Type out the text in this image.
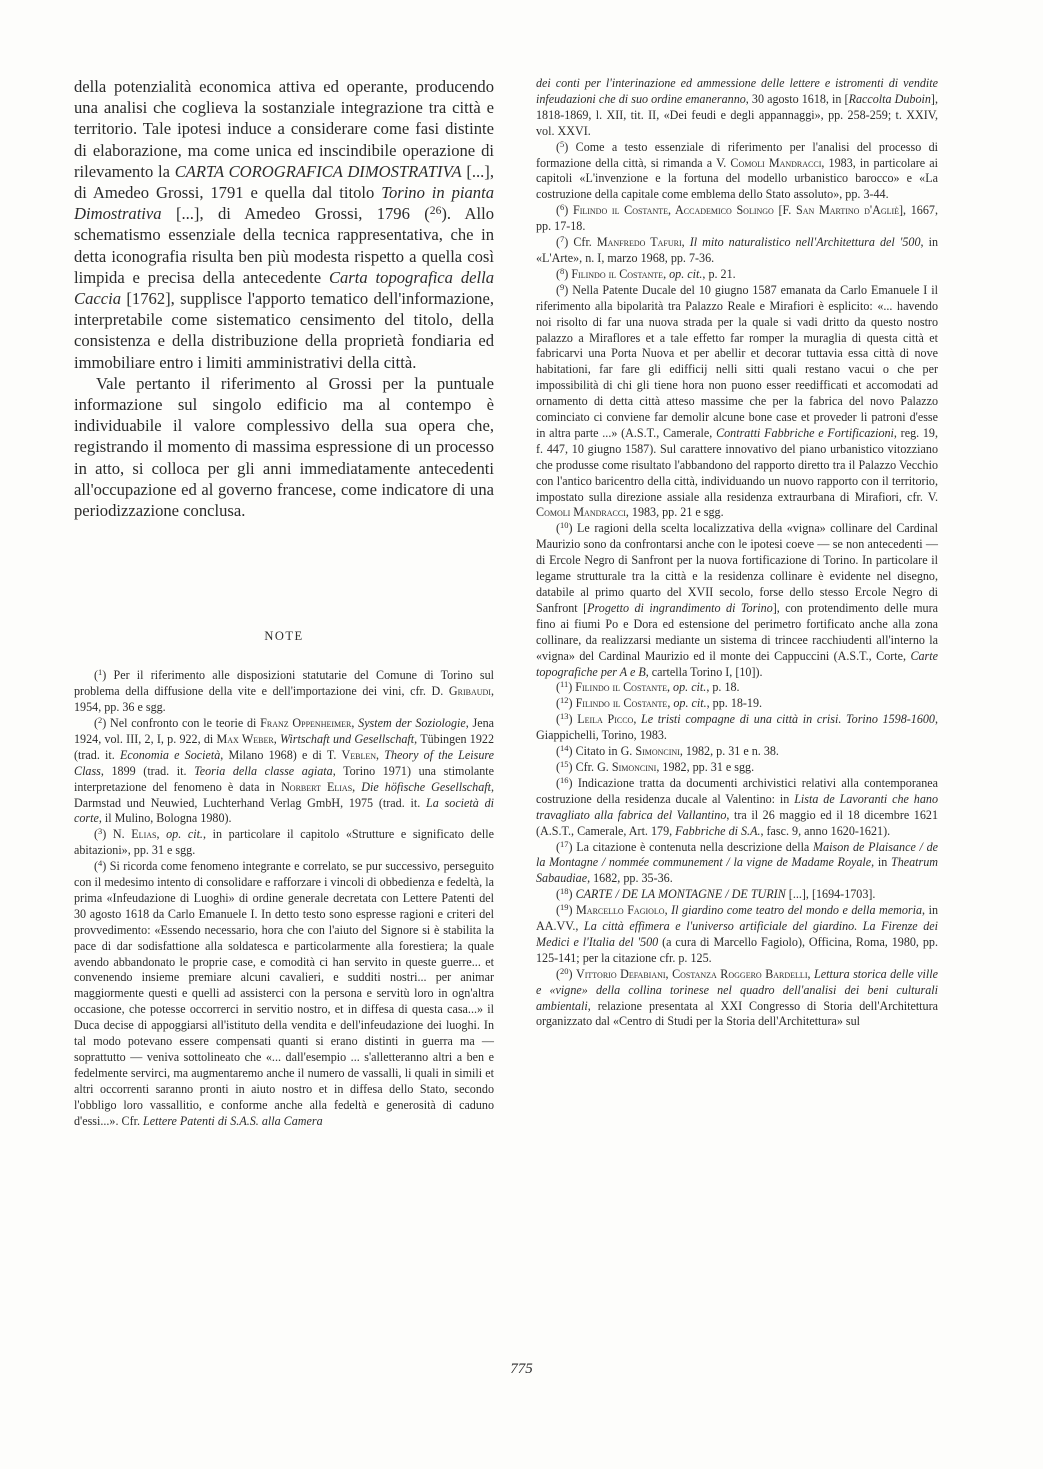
della potenzialità economica attiva ed operante, producendo una analisi che coglieva la sostanziale integrazione tra città e territorio. Tale ipotesi induce a considerare come fasi distinte di elaborazione, ma come unica ed inscindibile operazione di rilevamento la CARTA COROGRAFICA DIMOSTRATIVA [...], di Amedeo Grossi, 1791 e quella dal titolo Torino in pianta Dimostrativa [...], di Amedeo Grossi, 1796 ($^{26}$). Allo schematismo essenziale della tecnica rappresentativa, che in detta iconografia risulta ben più modesta rispetto a quella così limpida e precisa della antecedente Carta topografica della Caccia [1762], supplisce l'apporto tematico dell'informazione, interpretabile come sistematico censimento del titolo, della consistenza e della distribuzione della proprietà fondiaria ed immobiliare entro i limiti amministrativi della città.

Vale pertanto il riferimento al Grossi per la puntuale informazione sul singolo edificio ma al contempo è individuabile il valore complessivo della sua opera che, registrando il momento di massima espressione di un processo in atto, si colloca per gli anni immediatamente antecedenti all'occupazione ed al governo francese, come indicatore di una periodizzazione conclusa.

NOTE

($^1$) Per il riferimento alle disposizioni statutarie del Comune di Torino sul problema della diffusione della vite e dell'importazione dei vini, cfr. D. Gribaudi, 1954, pp. 36 e sgg.

($^2$) Nel confronto con le teorie di Franz Oppenheimer, System der Soziologie, Jena 1924, vol. III, 2, I, p. 922, di Max Weber, Wirtschaft und Gesellschaft, Tübingen 1922 (trad. it. Economia e Società, Milano 1968) e di T. Veblen, Theory of the Leisure Class, 1899 (trad. it. Teoria della classe agiata, Torino 1971) una stimolante interpretazione del fenomeno è data in Norbert Elias, Die höfische Gesellschaft, Darmstad und Neuwied, Luchterhand Verlag GmbH, 1975 (trad. it. La società di corte, il Mulino, Bologna 1980).

($^3$) N. Elias, op. cit., in particolare il capitolo «Strutture e significato delle abitazioni», pp. 31 e sgg.

($^4$) Si ricorda come fenomeno integrante e correlato, se pur successivo, perseguito con il medesimo intento di consolidare e rafforzare i vincoli di obbedienza e fedeltà, la prima «Infeudazione di Luoghi» di ordine generale decretata con Lettere Patenti del 30 agosto 1618 da Carlo Emanuele I. In detto testo sono espresse ragioni e criteri del provvedimento: «Essendo necessario, hora che con l'aiuto del Signore si è stabilita la pace di dar sodisfattione alla soldatesca e particolarmente alla forestiera; la quale avendo abbandonato le proprie case, e comodità ci han servito in queste guerre... et convenendo insieme premiare alcuni cavalieri, e sudditi nostri... per animar maggiormente questi e quelli ad assisterci con la persona e servitù loro in ogn'altra occasione, che potesse occorrerci in servitio nostro, et in diffesa di questa casa...» il Duca decise di appoggiarsi all'istituto della vendita e dell'infeudazione dei luoghi. In tal modo potevano essere compensati quanti si erano distinti in guerra ma — soprattutto — veniva sottolineato che «... dall'esempio ... s'alletteranno altri a ben e fedelmente servirci, ma augmentaremo anche il numero de vassalli, li quali in simili et altri occorrenti saranno pronti in aiuto nostro et in diffesa dello Stato, secondo l'obbligo loro vassallitio, e conforme anche alla fedeltà e generosità di caduno d'essi...». Cfr. Lettere Patenti di S.A.S. alla Camera

dei conti per l'interinazione ed ammessione delle lettere e istromenti di vendite infeudazioni che di suo ordine emaneranno, 30 agosto 1618, in [Raccolta Duboin], 1818-1869, l. XII, tit. II, «Dei feudi e degli appannaggi», pp. 258-259; t. XXIV, vol. XXVI.

($^5$) Come a testo essenziale di riferimento per l'analisi del processo di formazione della città, si rimanda a V. Comoli Mandracci, 1983, in particolare ai capitoli «L'invenzione e la fortuna del modello urbanistico barocco» e «La costruzione della capitale come emblema dello Stato assoluto», pp. 3-44.

($^6$) Filindo il Costante, Accademico Solingo [F. San Martino d'Agliè], 1667, pp. 17-18.

($^7$) Cfr. Manfredo Tafuri, Il mito naturalistico nell'Architettura del '500, in «L'Arte», n. I, marzo 1968, pp. 7-36.

($^8$) Filindo il Costante, op. cit., p. 21.

($^9$) Nella Patente Ducale del 10 giugno 1587 emanata da Carlo Emanuele I il riferimento alla bipolarità tra Palazzo Reale e Mirafiori è esplicito: «... havendo noi risolto di far una nuova strada per la quale si vadi dritto da questo nostro palazzo a Miraflores et a tale effetto far romper la muraglia di questa città et fabricarvi una Porta Nuova et per abellir et decorar tuttavia essa città di nove habitationi, far fare gli edifficij nelli sitti quali restano vacui o che per impossibilità di chi gli tiene hora non puono esser reedifficati et accomodati ad ornamento di detta città atteso massime che per la fabrica del novo Palazzo cominciato ci conviene far demolir alcune bone case et proveder li patroni d'esse in altra parte ...» (A.S.T., Camerale, Contratti Fabbriche e Fortificazioni, reg. 19, f. 447, 10 giugno 1587). Sul carattere innovativo del piano urbanistico vitozziano che produsse come risultato l'abbandono del rapporto diretto tra il Palazzo Vecchio con l'antico baricentro della città, individuando un nuovo rapporto con il territorio, impostato sulla direzione assiale alla residenza extraurbana di Mirafiori, cfr. V. Comoli Mandracci, 1983, pp. 21 e sgg.

($^{10}$) Le ragioni della scelta localizzativa della «vigna» collinare del Cardinal Maurizio sono da confrontarsi anche con le ipotesi coeve — se non antecedenti — di Ercole Negro di Sanfront per la nuova fortificazione di Torino. In particolare il legame strutturale tra la città e la residenza collinare è evidente nel disegno, databile al primo quarto del XVII secolo, forse dello stesso Ercole Negro di Sanfront [Progetto di ingrandimento di Torino], con protendimento delle mura fino ai fiumi Po e Dora ed estensione del perimetro fortificato anche alla zona collinare, da realizzarsi mediante un sistema di trincee racchiudenti all'interno la «vigna» del Cardinal Maurizio ed il monte dei Cappuccini (A.S.T., Corte, Carte topografiche per A e B, cartella Torino I, [10]).

($^{11}$) Filindo il Costante, op. cit., p. 18.

($^{12}$) Filindo il Costante, op. cit., pp. 18-19.

($^{13}$) Leila Picco, Le tristi compagne di una città in crisi. Torino 1598-1600, Giappichelli, Torino, 1983.

($^{14}$) Citato in G. Simoncini, 1982, p. 31 e n. 38.

($^{15}$) Cfr. G. Simoncini, 1982, pp. 31 e sgg.

($^{16}$) Indicazione tratta da documenti archivistici relativi alla contemporanea costruzione della residenza ducale al Valentino: in Lista de Lavoranti che hano travagliato alla fabrica del Vallantino, tra il 26 maggio ed il 18 dicembre 1621 (A.S.T., Camerale, Art. 179, Fabbriche di S.A., fasc. 9, anno 1620-1621).

($^{17}$) La citazione è contenuta nella descrizione della Maison de Plaisance / de la Montagne / nommée communement / la vigne de Madame Royale, in Theatrum Sabaudiae, 1682, pp. 35-36.

($^{18}$) CARTE / DE LA MONTAGNE / DE TURIN [...], [1694-1703].

($^{19}$) Marcello Fagiolo, Il giardino come teatro del mondo e della memoria, in AA.VV., La città effimera e l'universo artificiale del giardino. La Firenze dei Medici e l'Italia del '500 (a cura di Marcello Fagiolo), Officina, Roma, 1980, pp. 125-141; per la citazione cfr. p. 125.

($^{20}$) Vittorio Defabiani, Costanza Roggero Bardelli, Lettura storica delle ville e «vigne» della collina torinese nel quadro dell'analisi dei beni culturali ambientali, relazione presentata al XXI Congresso di Storia dell'Architettura organizzato dal «Centro di Studi per la Storia dell'Architettura» sul

775
